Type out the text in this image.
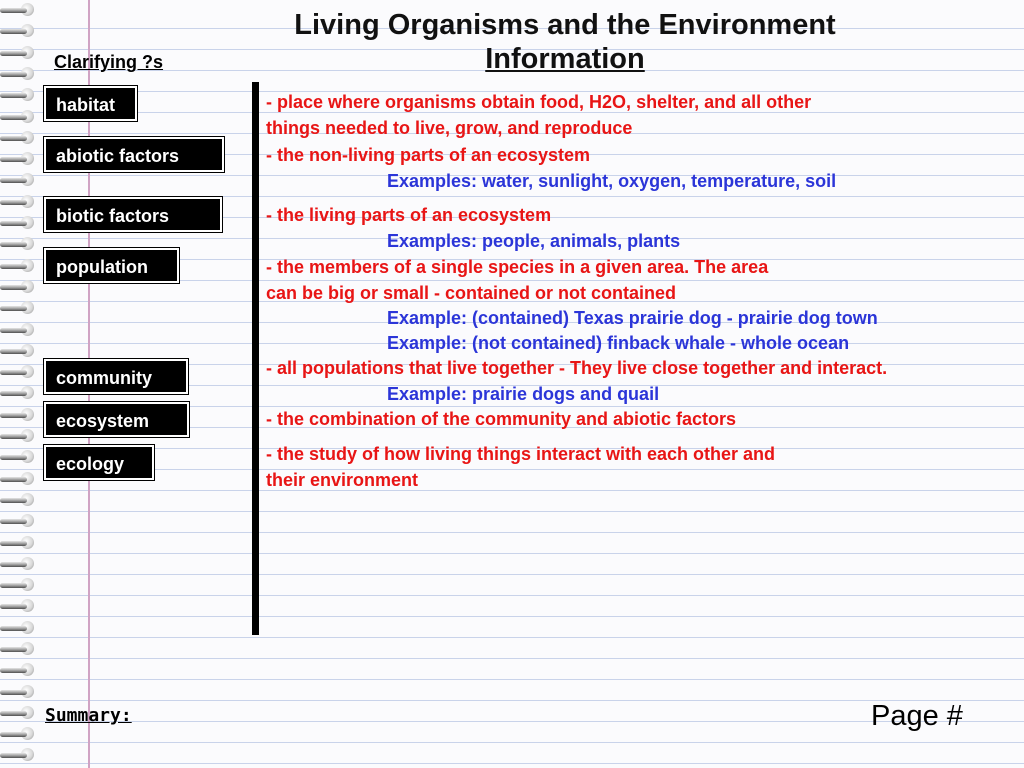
Living Organisms and the Environment
Information
Clarifying ?s
habitat
abiotic factors
biotic factors
population
community
ecosystem
ecology

- place where organisms obtain food, H2O, shelter, and all other

things needed to live, grow, and reproduce

- the non-living parts of an ecosystem

Examples: water, sunlight, oxygen, temperature, soil

- the living parts of an ecosystem

Examples: people, animals, plants

- the members of a single species in a given area. The area

can be big or small - contained or not contained

Example: (contained) Texas prairie dog - prairie dog town

Example: (not contained) finback whale - whole ocean

- all populations that live together - They live close together and interact.

Example: prairie dogs and quail

- the combination of the community and abiotic factors

- the study of how living things interact with each other and

their environment

Summary:	Page #
